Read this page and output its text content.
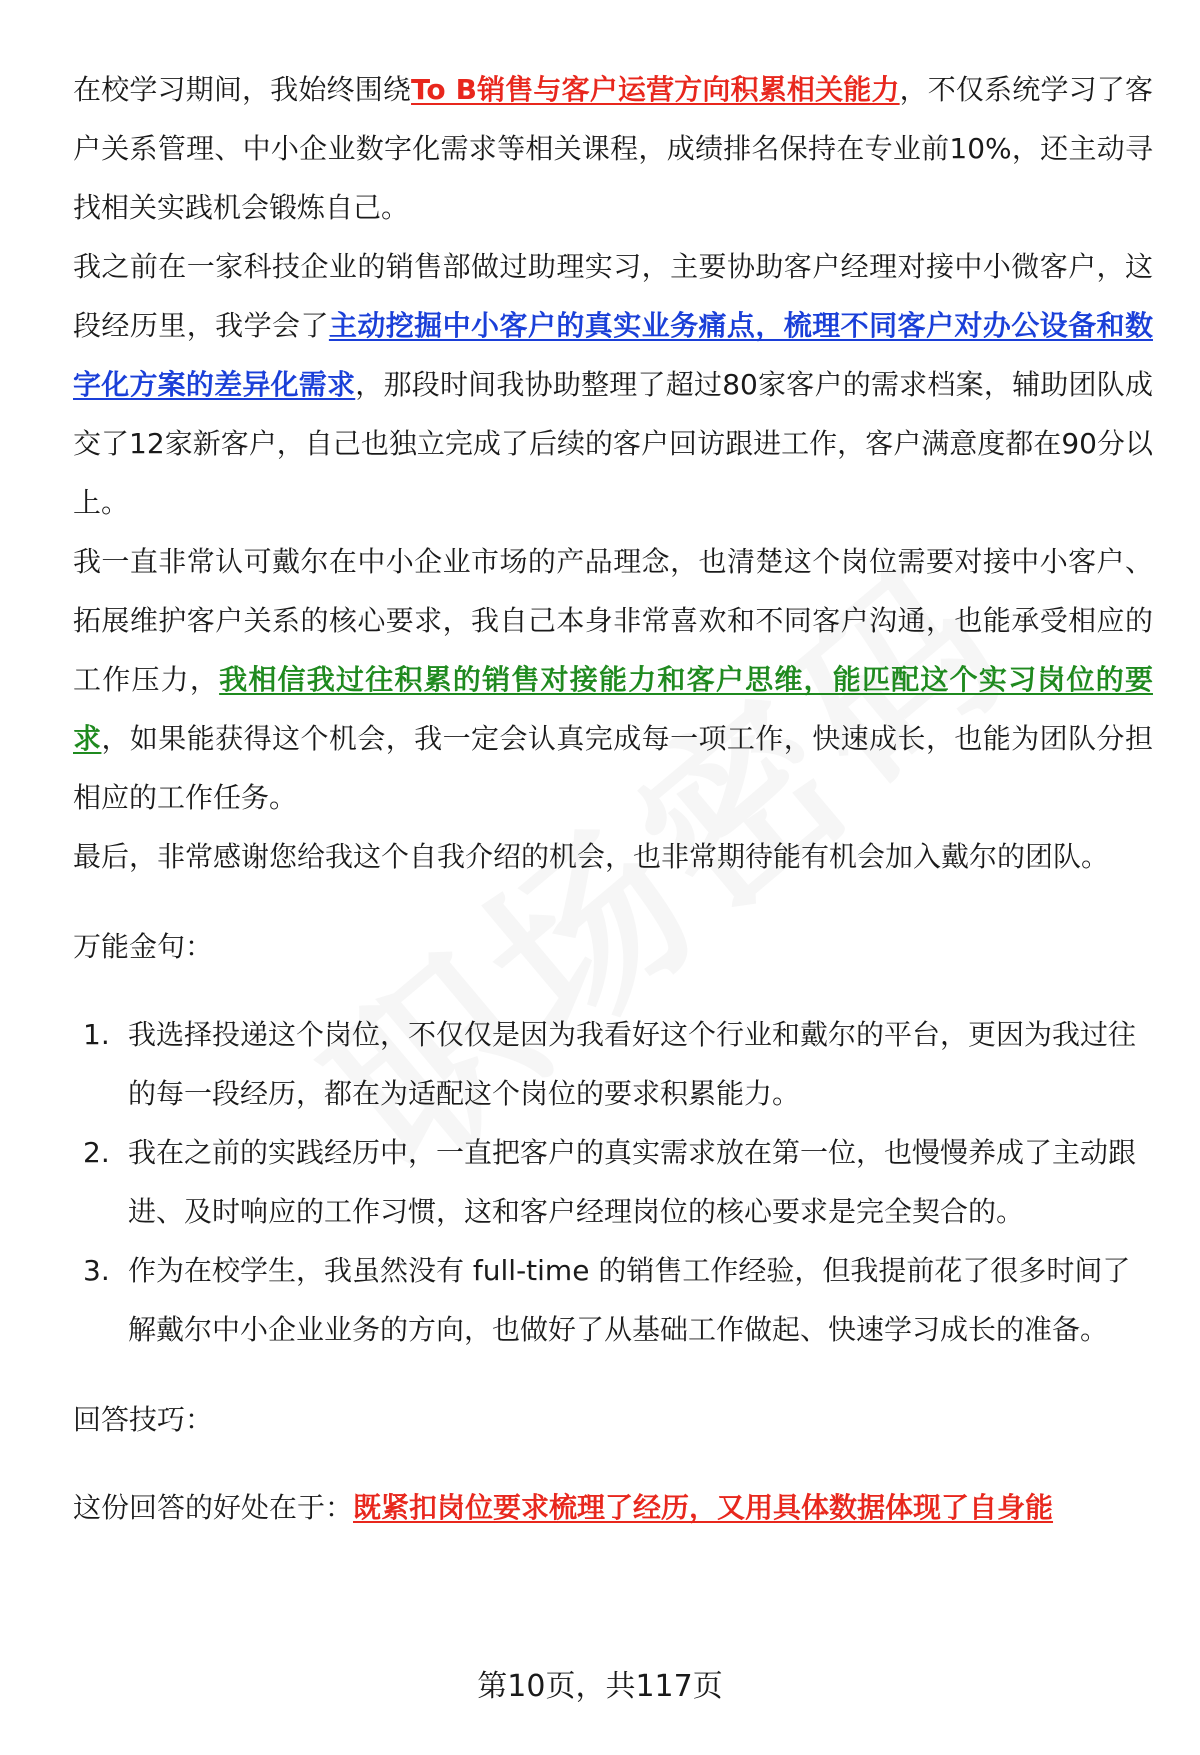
在校学习期间，我始终围绕To B销售与客户运营方向积累相关能力，不仅系统学习了客户关系管理、中小企业数字化需求等相关课程，成绩排名保持在专业前10%，还主动寻找相关实践机会锻炼自己。

我之前在一家科技企业的销售部做过助理实习，主要协助客户经理对接中小微客户，这段经历里，我学会了主动挖掘中小客户的真实业务痛点，梳理不同客户对办公设备和数字化方案的差异化需求，那段时间我协助整理了超过80家客户的需求档案，辅助团队成交了12家新客户，自己也独立完成了后续的客户回访跟进工作，客户满意度都在90分以上。

我一直非常认可戴尔在中小企业市场的产品理念，也清楚这个岗位需要对接中小客户、拓展维护客户关系的核心要求，我自己本身非常喜欢和不同客户沟通，也能承受相应的工作压力，我相信我过往积累的销售对接能力和客户思维，能匹配这个实习岗位的要求，如果能获得这个机会，我一定会认真完成每一项工作，快速成长，也能为团队分担相应的工作任务。

最后，非常感谢您给我这个自我介绍的机会，也非常期待能有机会加入戴尔的团队。

万能金句：
1. 我选择投递这个岗位，不仅仅是因为我看好这个行业和戴尔的平台，更因为我过往的每一段经历，都在为适配这个岗位的要求积累能力。
2. 我在之前的实践经历中，一直把客户的真实需求放在第一位，也慢慢养成了主动跟进、及时响应的工作习惯，这和客户经理岗位的核心要求是完全契合的。
3. 作为在校学生，我虽然没有 full-time 的销售工作经验，但我提前花了很多时间了解戴尔中小企业业务的方向，也做好了从基础工作做起、快速学习成长的准备。
回答技巧：

这份回答的好处在于：既紧扣岗位要求梳理了经历，又用具体数据体现了自身能

第10页，共117页
